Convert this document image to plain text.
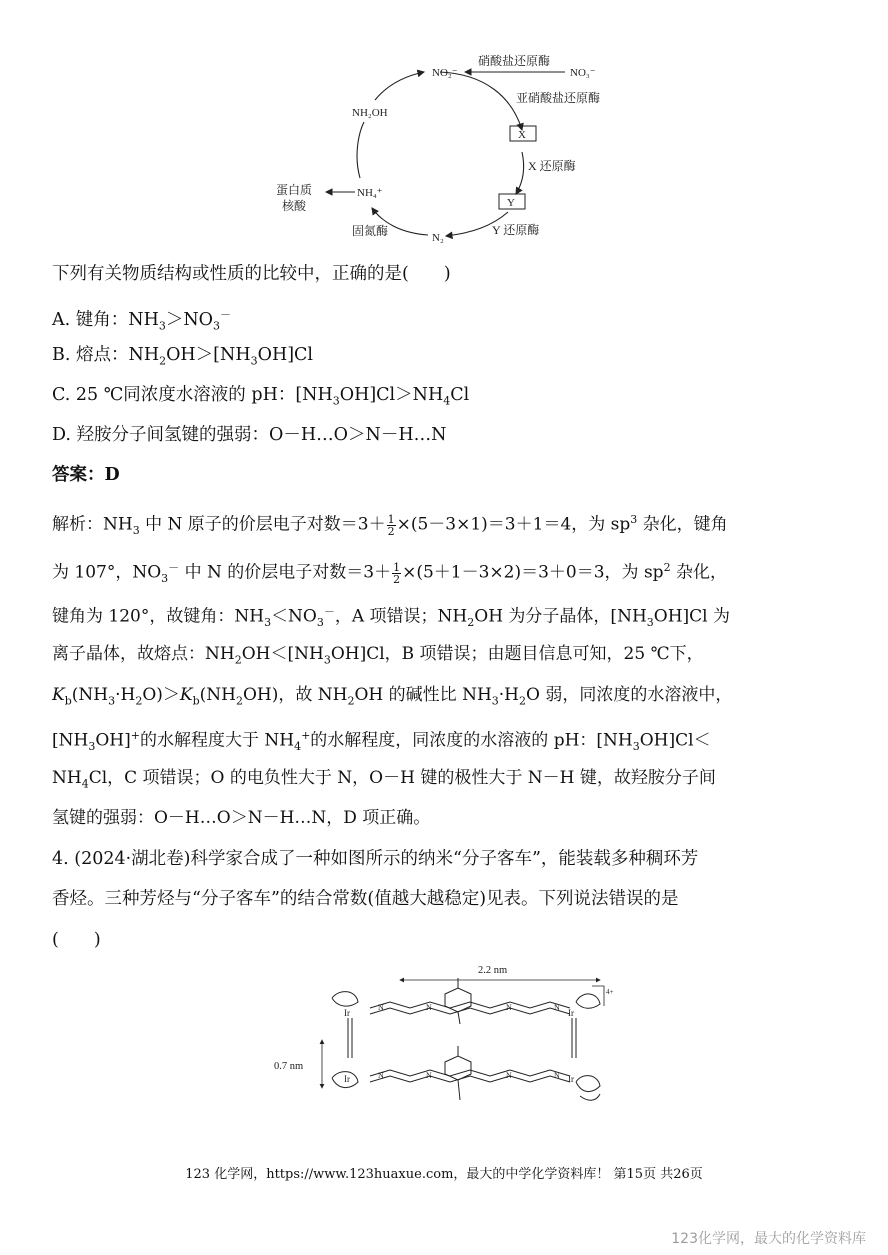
NO₂⁻	NO₃⁻
硝酸盐还原酶
亚硝酸盐还原酶
X
X 还原酶
Y
Y 还原酶
N₂
固氮酶
NH₄⁺
蛋白质
核酸
NH₂OH
下列有关物质结构或性质的比较中，正确的是(　　)
A. 键角：$NH_3>NO_3^-$
B. 熔点：$NH_2OH>[NH_3OH]Cl$
C. 25 ℃同浓度水溶液的 pH：$[NH_3OH]Cl>NH_4Cl$
D. 羟胺分子间氢键的强弱：O－H…O＞N－H…N
答案：D
解析：$NH_3$ 中 N 原子的价层电子对数$=3+ \frac{1}{2} \times(5-3\times 1)=3+1=4$，为 $sp^3$ 杂化，键角
为 107°，$NO_3^-$ 中 N 的价层电子对数$=3+ \frac{1}{2} \times(5+1-3\times 2)=3+0=3$，为 $sp^2$ 杂化，
键角为 120°，故键角：$NH_3<NO_3^-$，A 项错误；$NH_2OH$ 为分子晶体，$[NH_3OH]Cl$ 为
离子晶体，故熔点：$NH_2OH<[NH_3OH]Cl$，B 项错误；由题目信息可知，25 ℃下，
$K_b(NH_3\cdot H_2O)>K_b(NH_2OH)$，故 $NH_2OH$ 的碱性比 $NH_3\cdot H_2O$ 弱，同浓度的水溶液中，
$[NH_3OH]^+$的水解程度大于 $NH_4^+$的水解程度，同浓度的水溶液的 pH：$[NH_3OH]Cl<$
$NH_4Cl$，C 项错误；O 的电负性大于 N，O－H 键的极性大于 N－H 键，故羟胺分子间
氢键的强弱：O－H…O＞N－H…N，D 项正确。
4. (2024·湖北卷)科学家合成了一种如图所示的纳米“分子客车”，能装载多种稠环芳
香烃。三种芳烃与“分子客车”的结合常数(值越大越稳定)见表。下列说法错误的是
(　　)
2.2 nm
0.7 nm
4+
Ir	Ir
N	N	N	N
Ir	Ir
N	N	N	N
123 化学网，https://www.123huaxue.com，最大的中学化学资料库！ 第15页 共26页
123化学网，最大的化学资料库
